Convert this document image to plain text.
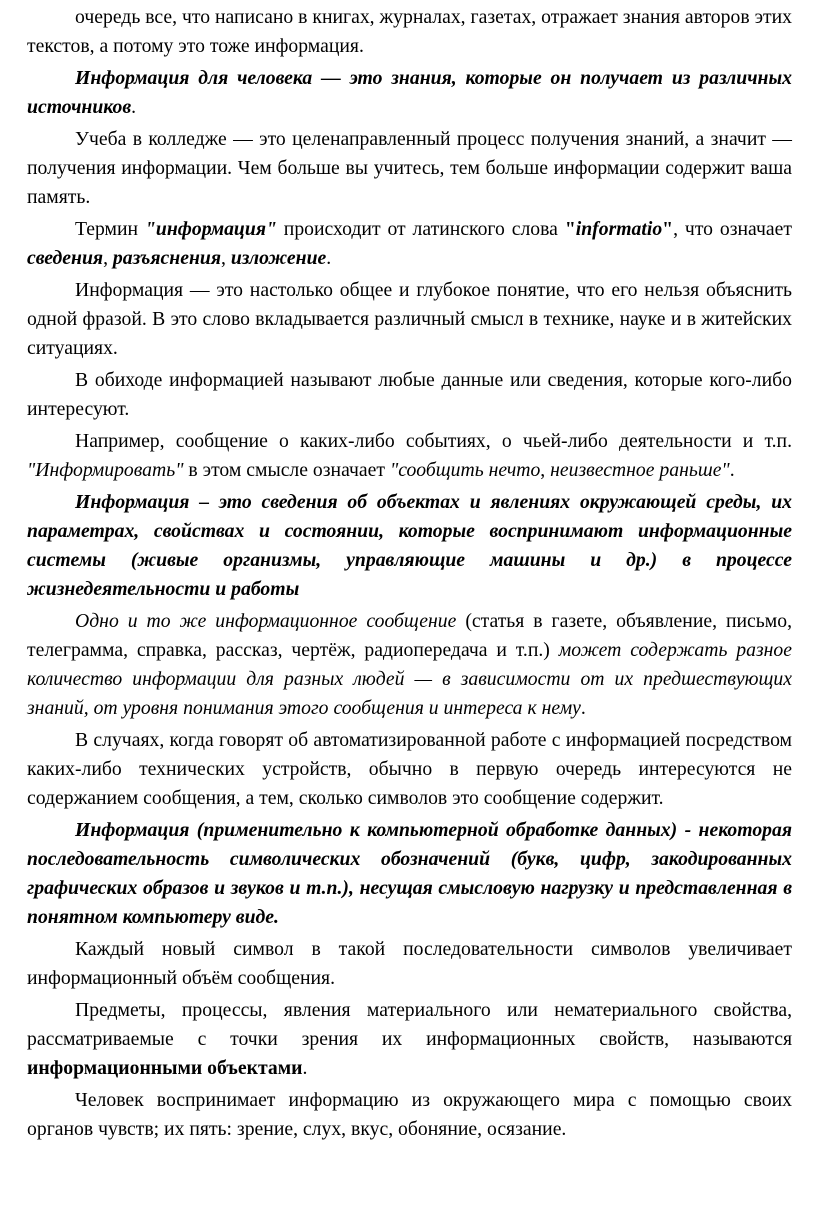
очередь все, что написано в книгах, журналах, газетах, отражает знания авторов этих текстов, а потому это тоже информация.

Информация для человека — это знания, которые он получает из различных источников.

Учеба в колледже — это целенаправленный процесс получения знаний, а значит — получения информации. Чем больше вы учитесь, тем больше информации содержит ваша память.

Термин "информация" происходит от латинского слова "informatio", что означает сведения, разъяснения, изложение.

Информация — это настолько общее и глубокое понятие, что его нельзя объяснить одной фразой. В это слово вкладывается различный смысл в технике, науке и в житейских ситуациях.

В обиходе информацией называют любые данные или сведения, которые кого-либо интересуют.

Например, сообщение о каких-либо событиях, о чьей-либо деятельности и т.п. "Информировать" в этом смысле означает "сообщить нечто, неизвестное раньше".

Информация – это сведения об объектах и явлениях окружающей среды, их параметрах, свойствах и состоянии, которые воспринимают информационные системы (живые организмы, управляющие машины и др.) в процессе жизнедеятельности и работы

Одно и то же информационное сообщение (статья в газете, объявление, письмо, телеграмма, справка, рассказ, чертёж, радиопередача и т.п.) может содержать разное количество информации для разных людей — в зависимости от их предшествующих знаний, от уровня понимания этого сообщения и интереса к нему.

В случаях, когда говорят об автоматизированной работе с информацией посредством каких-либо технических устройств, обычно в первую очередь интересуются не содержанием сообщения, а тем, сколько символов это сообщение содержит.

Информация (применительно к компьютерной обработке данных) - некоторая последовательность символических обозначений (букв, цифр, закодированных графических образов и звуков и т.п.), несущая смысловую нагрузку и представленная в понятном компьютеру виде.

Каждый новый символ в такой последовательности символов увеличивает информационный объём сообщения.

Предметы, процессы, явления материального или нематериального свойства, рассматриваемые с точки зрения их информационных свойств, называются информационными объектами.

Человек воспринимает информацию из окружающего мира с помощью своих органов чувств; их пять: зрение, слух, вкус, обоняние, осязание.
